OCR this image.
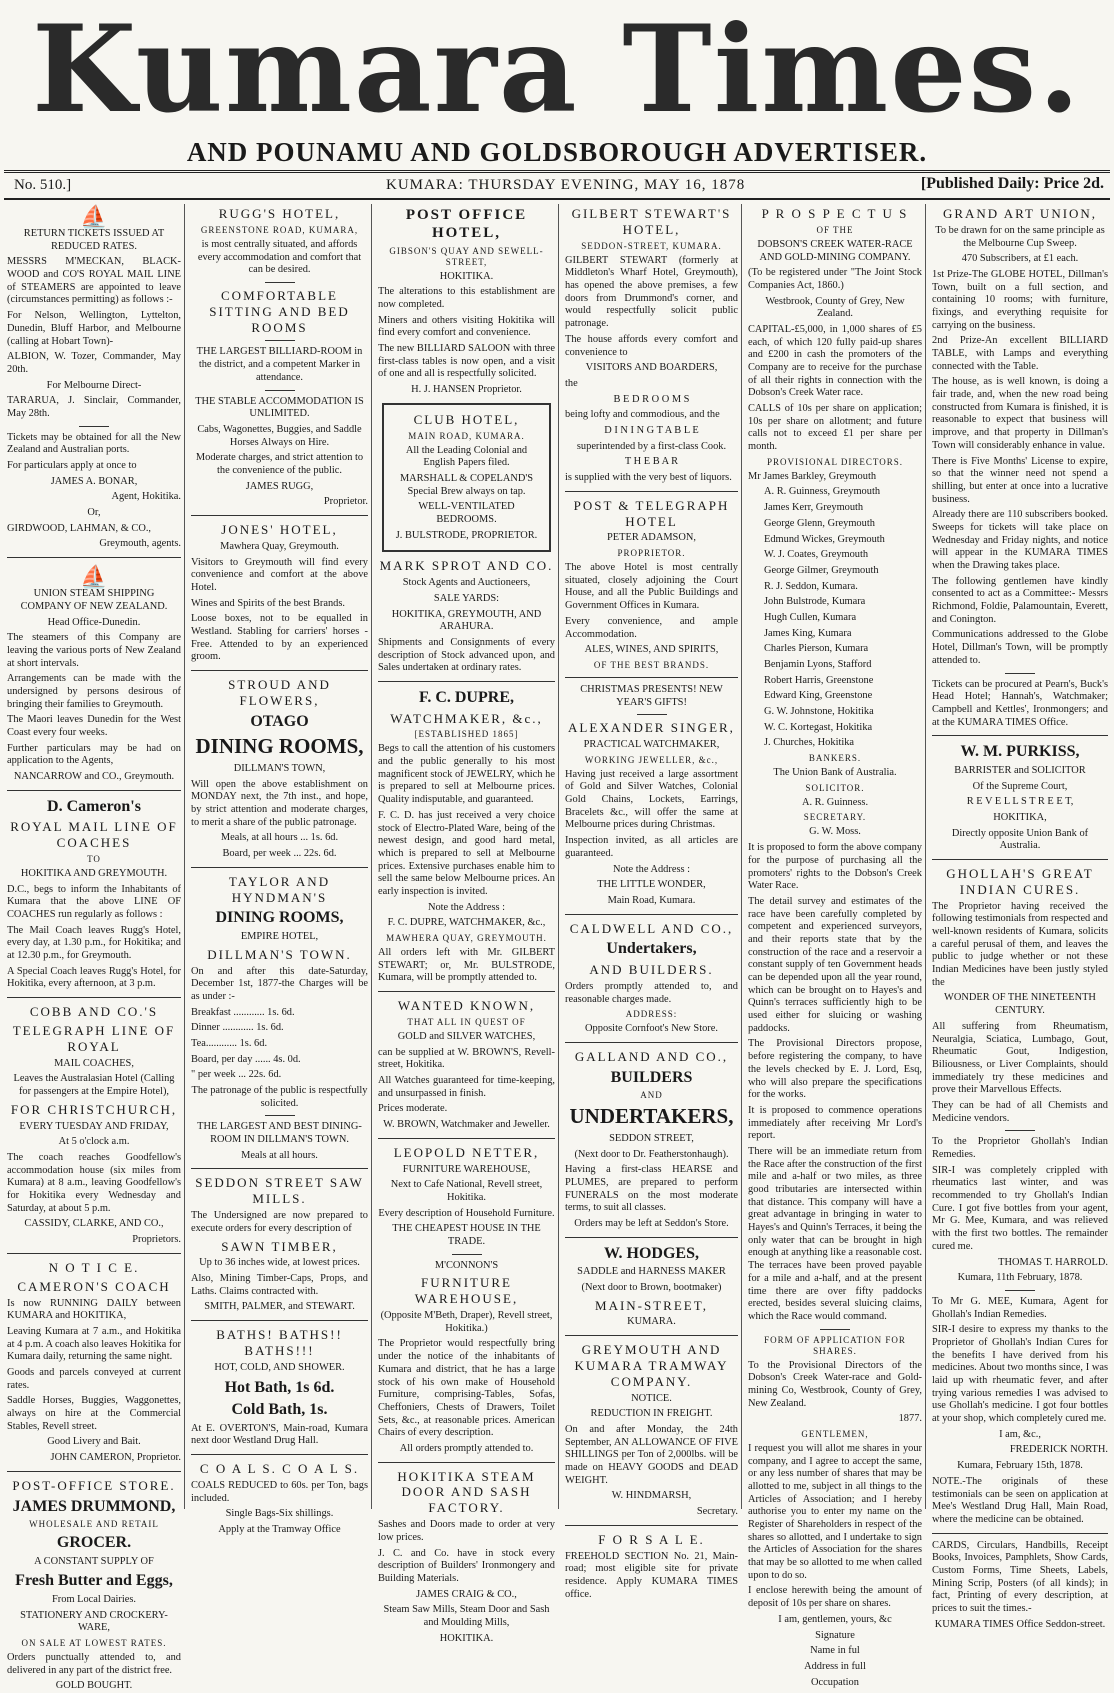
Kumara Times.
AND POUNAMU AND GOLDSBOROUGH ADVERTISER.
No. 510.]	KUMARA: THURSDAY EVENING, MAY 16, 1878	[Published Daily: Price 2d.
⛵

RETURN TICKETS ISSUED AT REDUCED RATES.

MESSRS M'MECKAN, BLACK-WOOD and CO'S ROYAL MAIL LINE of STEAMERS are appointed to leave (circumstances permitting) as follows :-

For Nelson, Wellington, Lyttelton, Dunedin, Bluff Harbor, and Melbourne (calling at Hobart Town)-

ALBION, W. Tozer, Commander, May 20th.

For Melbourne Direct-

TARARUA, J. Sinclair, Commander, May 28th.

Tickets may be obtained for all the New Zealand and Australian ports.

For particulars apply at once to

JAMES A. BONAR,

Agent, Hokitika.

Or,

GIRDWOOD, LAHMAN, & CO.,

Greymouth, agents.

⛵

UNION STEAM SHIPPING COMPANY OF NEW ZEALAND.

Head Office-Dunedin.

The steamers of this Company are leaving the various ports of New Zealand at short intervals.

Arrangements can be made with the undersigned by persons desirous of bringing their families to Greymouth.

The Maori leaves Dunedin for the West Coast every four weeks.

Further particulars may be had on application to the Agents,

NANCARROW and CO., Greymouth.

D. Cameron's

ROYAL MAIL LINE OF COACHES

TO

HOKITIKA AND GREYMOUTH.

D.C., begs to inform the Inhabitants of Kumara that the above LINE OF COACHES run regularly as follows :

The Mail Coach leaves Rugg's Hotel, every day, at 1.30 p.m., for Hokitika; and at 12.30 p.m., for Greymouth.

A Special Coach leaves Rugg's Hotel, for Hokitika, every afternoon, at 3 p.m.

COBB AND CO.'S

TELEGRAPH LINE OF ROYAL

MAIL COACHES,

Leaves the Australasian Hotel (Calling for passengers at the Empire Hotel),

FOR CHRISTCHURCH,

EVERY TUESDAY AND FRIDAY,

At 5 o'clock a.m.

The coach reaches Goodfellow's accommodation house (six miles from Kumara) at 8 a.m., leaving Goodfellow's for Hokitika every Wednesday and Saturday, at about 5 p.m.

CASSIDY, CLARKE, AND CO.,

Proprietors.

N O T I C E.

CAMERON'S COACH

Is now RUNNING DAILY between KUMARA and HOKITIKA,

Leaving Kumara at 7 a.m., and Hokitika at 4 p.m. A coach also leaves Hokitika for Kumara daily, returning the same night.

Goods and parcels conveyed at current rates.

Saddle Horses, Buggies, Waggonettes, always on hire at the Commercial Stables, Revell street.

Good Livery and Bait.

JOHN CAMERON, Proprietor.

POST-OFFICE STORE.

JAMES DRUMMOND,

WHOLESALE AND RETAIL

GROCER.

A CONSTANT SUPPLY OF

Fresh Butter and Eggs,

From Local Dairies.

STATIONERY AND CROCKERY-WARE,

ON SALE AT LOWEST RATES.

Orders punctually attended to, and delivered in any part of the district free.

GOLD BOUGHT.

RUGG'S HOTEL,

GREENSTONE ROAD, KUMARA,

is most centrally situated, and affords every accommodation and comfort that can be desired.

COMFORTABLE SITTING AND BED ROOMS

THE LARGEST BILLIARD-ROOM in the district, and a competent Marker in attendance.

THE STABLE ACCOMMODATION IS UNLIMITED.

Cabs, Wagonettes, Buggies, and Saddle Horses Always on Hire.

Moderate charges, and strict attention to the convenience of the public.

JAMES RUGG,

Proprietor.

JONES' HOTEL,

Mawhera Quay, Greymouth.

Visitors to Greymouth will find every convenience and comfort at the above Hotel.

Wines and Spirits of the best Brands.

Loose boxes, not to be equalled in Westland. Stabling for carriers' horses -Free. Attended to by an experienced groom.

STROUD AND FLOWERS,

OTAGO

DINING ROOMS,

DILLMAN'S TOWN,

Will open the above establishment on MONDAY next, the 7th inst., and hope, by strict attention and moderate charges, to merit a share of the public patronage.

Meals, at all hours ... 1s. 6d.

Board, per week ... 22s. 6d.

TAYLOR AND HYNDMAN'S

DINING ROOMS,

EMPIRE HOTEL,

DILLMAN'S TOWN.

On and after this date-Saturday, December 1st, 1877-the Charges will be as under :-

Breakfast ............ 1s. 6d.

Dinner ............ 1s. 6d.

Tea............ 1s. 6d.

Board, per day ...... 4s. 0d.

" per week ... 22s. 6d.

The patronage of the public is respectfully solicited.

THE LARGEST AND BEST DINING-ROOM IN DILLMAN'S TOWN.

Meals at all hours.

SEDDON STREET SAW MILLS.

The Undersigned are now prepared to execute orders for every description of

SAWN TIMBER,

Up to 36 inches wide, at lowest prices.

Also, Mining Timber-Caps, Props, and Laths. Claims contracted with.

SMITH, PALMER, and STEWART.

BATHS! BATHS!! BATHS!!!

HOT, COLD, AND SHOWER.

Hot Bath, 1s 6d.

Cold Bath, 1s.

At E. OVERTON'S, Main-road, Kumara next door Westland Drug Hall.

C O A L S. C O A L S.

COALS REDUCED to 60s. per Ton, bags included.

Single Bags-Six shillings.

Apply at the Tramway Office

POST OFFICE HOTEL,

GIBSON'S QUAY AND SEWELL-STREET,

HOKITIKA.

The alterations to this establishment are now completed.

Miners and others visiting Hokitika will find every comfort and convenience.

The new BILLIARD SALOON with three first-class tables is now open, and a visit of one and all is respectfully solicited.

H. J. HANSEN Proprietor.

CLUB HOTEL,

MAIN ROAD, KUMARA.

All the Leading Colonial and English Papers filed.

MARSHALL & COPELAND'S Special Brew always on tap.

WELL-VENTILATED BEDROOMS.

J. BULSTRODE, PROPRIETOR.

MARK SPROT AND CO.

Stock Agents and Auctioneers,

SALE YARDS:

HOKITIKA, GREYMOUTH, AND ARAHURA.

Shipments and Consignments of every description of Stock advanced upon, and Sales undertaken at ordinary rates.

F. C. DUPRE,

WATCHMAKER, &c.,

[ESTABLISHED 1865]

Begs to call the attention of his customers and the public generally to his most magnificent stock of JEWELRY, which he is prepared to sell at Melbourne prices. Quality indisputable, and guaranteed.

F. C. D. has just received a very choice stock of Electro-Plated Ware, being of the newest design, and good hard metal, which is prepared to sell at Melbourne prices. Extensive purchases enable him to sell the same below Melbourne prices. An early inspection is invited.

Note the Address :

F. C. DUPRE, WATCHMAKER, &c.,

MAWHERA QUAY, GREYMOUTH.

All orders left with Mr. GILBERT STEWART; or, Mr. BULSTRODE, Kumara, will be promptly attended to.

WANTED KNOWN,

THAT ALL IN QUEST OF

GOLD and SILVER WATCHES,

can be supplied at W. BROWN'S, Revell-street, Hokitika.

All Watches guaranteed for time-keeping, and unsurpassed in finish.

Prices moderate.

W. BROWN, Watchmaker and Jeweller.

LEOPOLD NETTER,

FURNITURE WAREHOUSE,

Next to Cafe National, Revell street, Hokitika.

Every description of Household Furniture.

THE CHEAPEST HOUSE IN THE TRADE.

M'CONNON'S

FURNITURE WAREHOUSE,

(Opposite M'Beth, Draper), Revell street, Hokitika.)

The Proprietor would respectfully bring under the notice of the inhabitants of Kumara and district, that he has a large stock of his own make of Household Furniture, comprising-Tables, Sofas, Cheffoniers, Chests of Drawers, Toilet Sets, &c., at reasonable prices. American Chairs of every description.

All orders promptly attended to.

HOKITIKA STEAM DOOR AND SASH FACTORY.

Sashes and Doors made to order at very low prices.

J. C. and Co. have in stock every description of Builders' Ironmongery and Building Materials.

JAMES CRAIG & CO.,

Steam Saw Mills, Steam Door and Sash and Moulding Mills,

HOKITIKA.

GILBERT STEWART'S HOTEL,

SEDDON-STREET, KUMARA.

GILBERT STEWART (formerly at Middleton's Wharf Hotel, Greymouth), has opened the above premises, a few doors from Drummond's corner, and would respectfully solicit public patronage.

The house affords every comfort and convenience to

VISITORS AND BOARDERS,

the

B E D R O O M S

being lofty and commodious, and the

D I N I N G T A B L E

superintended by a first-class Cook.

T H E B A R

is supplied with the very best of liquors.

POST & TELEGRAPH HOTEL

PETER ADAMSON,

PROPRIETOR.

The above Hotel is most centrally situated, closely adjoining the Court House, and all the Public Buildings and Government Offices in Kumara.

Every convenience, and ample Accommodation.

ALES, WINES, AND SPIRITS,

OF THE BEST BRANDS.

CHRISTMAS PRESENTS! NEW YEAR'S GIFTS!

ALEXANDER SINGER,

PRACTICAL WATCHMAKER,

WORKING JEWELLER, &c.,

Having just received a large assortment of Gold and Silver Watches, Colonial Gold Chains, Lockets, Earrings, Bracelets &c., will offer the same at Melbourne prices during Christmas.

Inspection invited, as all articles are guaranteed.

Note the Address :

THE LITTLE WONDER,

Main Road, Kumara.

CALDWELL AND CO.,

Undertakers,

AND BUILDERS.

Orders promptly attended to, and reasonable charges made.

ADDRESS:

Opposite Cornfoot's New Store.

GALLAND AND CO.,

BUILDERS

AND

UNDERTAKERS,

SEDDON STREET,

(Next door to Dr. Featherstonhaugh).

Having a first-class HEARSE and PLUMES, are prepared to perform FUNERALS on the most moderate terms, to suit all classes.

Orders may be left at Seddon's Store.

W. HODGES,

SADDLE and HARNESS MAKER

(Next door to Brown, bootmaker)

MAIN-STREET,

KUMARA.

GREYMOUTH AND KUMARA TRAMWAY COMPANY.

NOTICE.

REDUCTION IN FREIGHT.

On and after Monday, the 24th September, AN ALLOWANCE OF FIVE SHILLINGS per Ton of 2,000lbs. will be made on HEAVY GOODS and DEAD WEIGHT.

W. HINDMARSH,

Secretary.

F O R S A L E.

FREEHOLD SECTION No. 21, Main-road; most eligible site for private residence. Apply KUMARA TIMES office.

P R O S P E C T U S

OF THE

DOBSON'S CREEK WATER-RACE AND GOLD-MINING COMPANY.

(To be registered under "The Joint Stock Companies Act, 1860.)

Westbrook, County of Grey, New Zealand.

CAPITAL-£5,000, in 1,000 shares of £5 each, of which 120 fully paid-up shares and £200 in cash the promoters of the Company are to receive for the purchase of all their rights in connection with the Dobson's Creek Water race.

CALLS of 10s per share on application; 10s per share on allotment; and future calls not to exceed £1 per share per month.

PROVISIONAL DIRECTORS.

Mr James Barkley, Greymouth

A. R. Guinness, Greymouth

James Kerr, Greymouth

George Glenn, Greymouth

Edmund Wickes, Greymouth

W. J. Coates, Greymouth

George Gilmer, Greymouth

R. J. Seddon, Kumara.

John Bulstrode, Kumara

Hugh Cullen, Kumara

James King, Kumara

Charles Pierson, Kumara

Benjamin Lyons, Stafford

Robert Harris, Greenstone

Edward King, Greenstone

G. W. Johnstone, Hokitika

W. C. Kortegast, Hokitika

J. Churches, Hokitika

BANKERS.

The Union Bank of Australia.

SOLICITOR.

A. R. Guinness.

SECRETARY.

G. W. Moss.

It is proposed to form the above company for the purpose of purchasing all the promoters' rights to the Dobson's Creek Water Race.

The detail survey and estimates of the race have been carefully completed by competent and experienced surveyors, and their reports state that by the construction of the race and a reservoir a constant supply of ten Government heads can be depended upon all the year round, which can be brought on to Hayes's and Quinn's terraces sufficiently high to be used either for sluicing or washing paddocks.

The Provisional Directors propose, before registering the company, to have the levels checked by E. J. Lord, Esq, who will also prepare the specifications for the works.

It is proposed to commence operations immediately after receiving Mr Lord's report.

There will be an immediate return from the Race after the construction of the first mile and a-half or two miles, as three good tributaries are intersected within that distance. This company will have a great advantage in bringing in water to Hayes's and Quinn's Terraces, it being the only water that can be brought in high enough at anything like a reasonable cost. The terraces have been proved payable for a mile and a-half, and at the present time there are over fifty paddocks erected, besides several sluicing claims, which the Race would command.

FORM OF APPLICATION FOR SHARES.

To the Provisional Directors of the Dobson's Creek Water-race and Gold-mining Co, Westbrook, County of Grey, New Zealand.

1877.

GENTLEMEN,

I request you will allot me shares in your company, and I agree to accept the same, or any less number of shares that may be allotted to me, subject in all things to the Articles of Association; and I hereby authorise you to enter my name on the Register of Shareholders in respect of the shares so allotted, and I undertake to sign the Articles of Association for the shares that may be so allotted to me when called upon to do so.

I enclose herewith being the amount of deposit of 10s per share on shares.

I am, gentlemen, yours, &c

Signature

Name in ful

Address in full

Occupation

GRAND ART UNION,

To be drawn for on the same principle as the Melbourne Cup Sweep.

470 Subscribers, at £1 each.

1st Prize-The GLOBE HOTEL, Dillman's Town, built on a full section, and containing 10 rooms; with furniture, fixings, and everything requisite for carrying on the business.

2nd Prize-An excellent BILLIARD TABLE, with Lamps and everything connected with the Table.

The house, as is well known, is doing a fair trade, and, when the new road being constructed from Kumara is finished, it is reasonable to expect that business will improve, and that property in Dillman's Town will considerably enhance in value.

There is Five Months' License to expire, so that the winner need not spend a shilling, but enter at once into a lucrative business.

Already there are 110 subscribers booked. Sweeps for tickets will take place on Wednesday and Friday nights, and notice will appear in the KUMARA TIMES when the Drawing takes place.

The following gentlemen have kindly consented to act as a Committee:- Messrs Richmond, Foldie, Palamountain, Everett, and Conington.

Communications addressed to the Globe Hotel, Dillman's Town, will be promptly attended to.

Tickets can be procured at Pearn's, Buck's Head Hotel; Hannah's, Watchmaker; Campbell and Kettles', Ironmongers; and at the KUMARA TIMES Office.

W. M. PURKISS,

BARRISTER and SOLICITOR

Of the Supreme Court,

R E V E L L S T R E E T,

HOKITIKA,

Directly opposite Union Bank of Australia.

GHOLLAH'S GREAT INDIAN CURES.

The Proprietor having received the following testimonials from respected and well-known residents of Kumara, solicits a careful perusal of them, and leaves the public to judge whether or not these Indian Medicines have been justly styled the

WONDER OF THE NINETEENTH CENTURY.

All suffering from Rheumatism, Neuralgia, Sciatica, Lumbago, Gout, Rheumatic Gout, Indigestion, Biliousness, or Liver Complaints, should immediately try these medicines and prove their Marvellous Effects.

They can be had of all Chemists and Medicine vendors.

To the Proprietor Ghollah's Indian Remedies.

SIR-I was completely crippled with rheumatics last winter, and was recommended to try Ghollah's Indian Cure. I got five bottles from your agent, Mr G. Mee, Kumara, and was relieved with the first two bottles. The remainder cured me.

THOMAS T. HARROLD.

Kumara, 11th February, 1878.

To Mr G. MEE, Kumara, Agent for Ghollah's Indian Remedies.

SIR-I desire to express my thanks to the Proprietor of Ghollah's Indian Cures for the benefits I have derived from his medicines. About two months since, I was laid up with rheumatic fever, and after trying various remedies I was advised to use Ghollah's medicine. I got four bottles at your shop, which completely cured me.

I am, &c.,

FREDERICK NORTH.

Kumara, February 15th, 1878.

NOTE.-The originals of these testimonials can be seen on application at Mee's Westland Drug Hall, Main Road, where the medicine can be obtained.

CARDS, Circulars, Handbills, Receipt Books, Invoices, Pamphlets, Show Cards, Custom Forms, Time Sheets, Labels, Mining Scrip, Posters (of all kinds); in fact, Printing of every description, at prices to suit the times.-

KUMARA TIMES Office Seddon-street.
